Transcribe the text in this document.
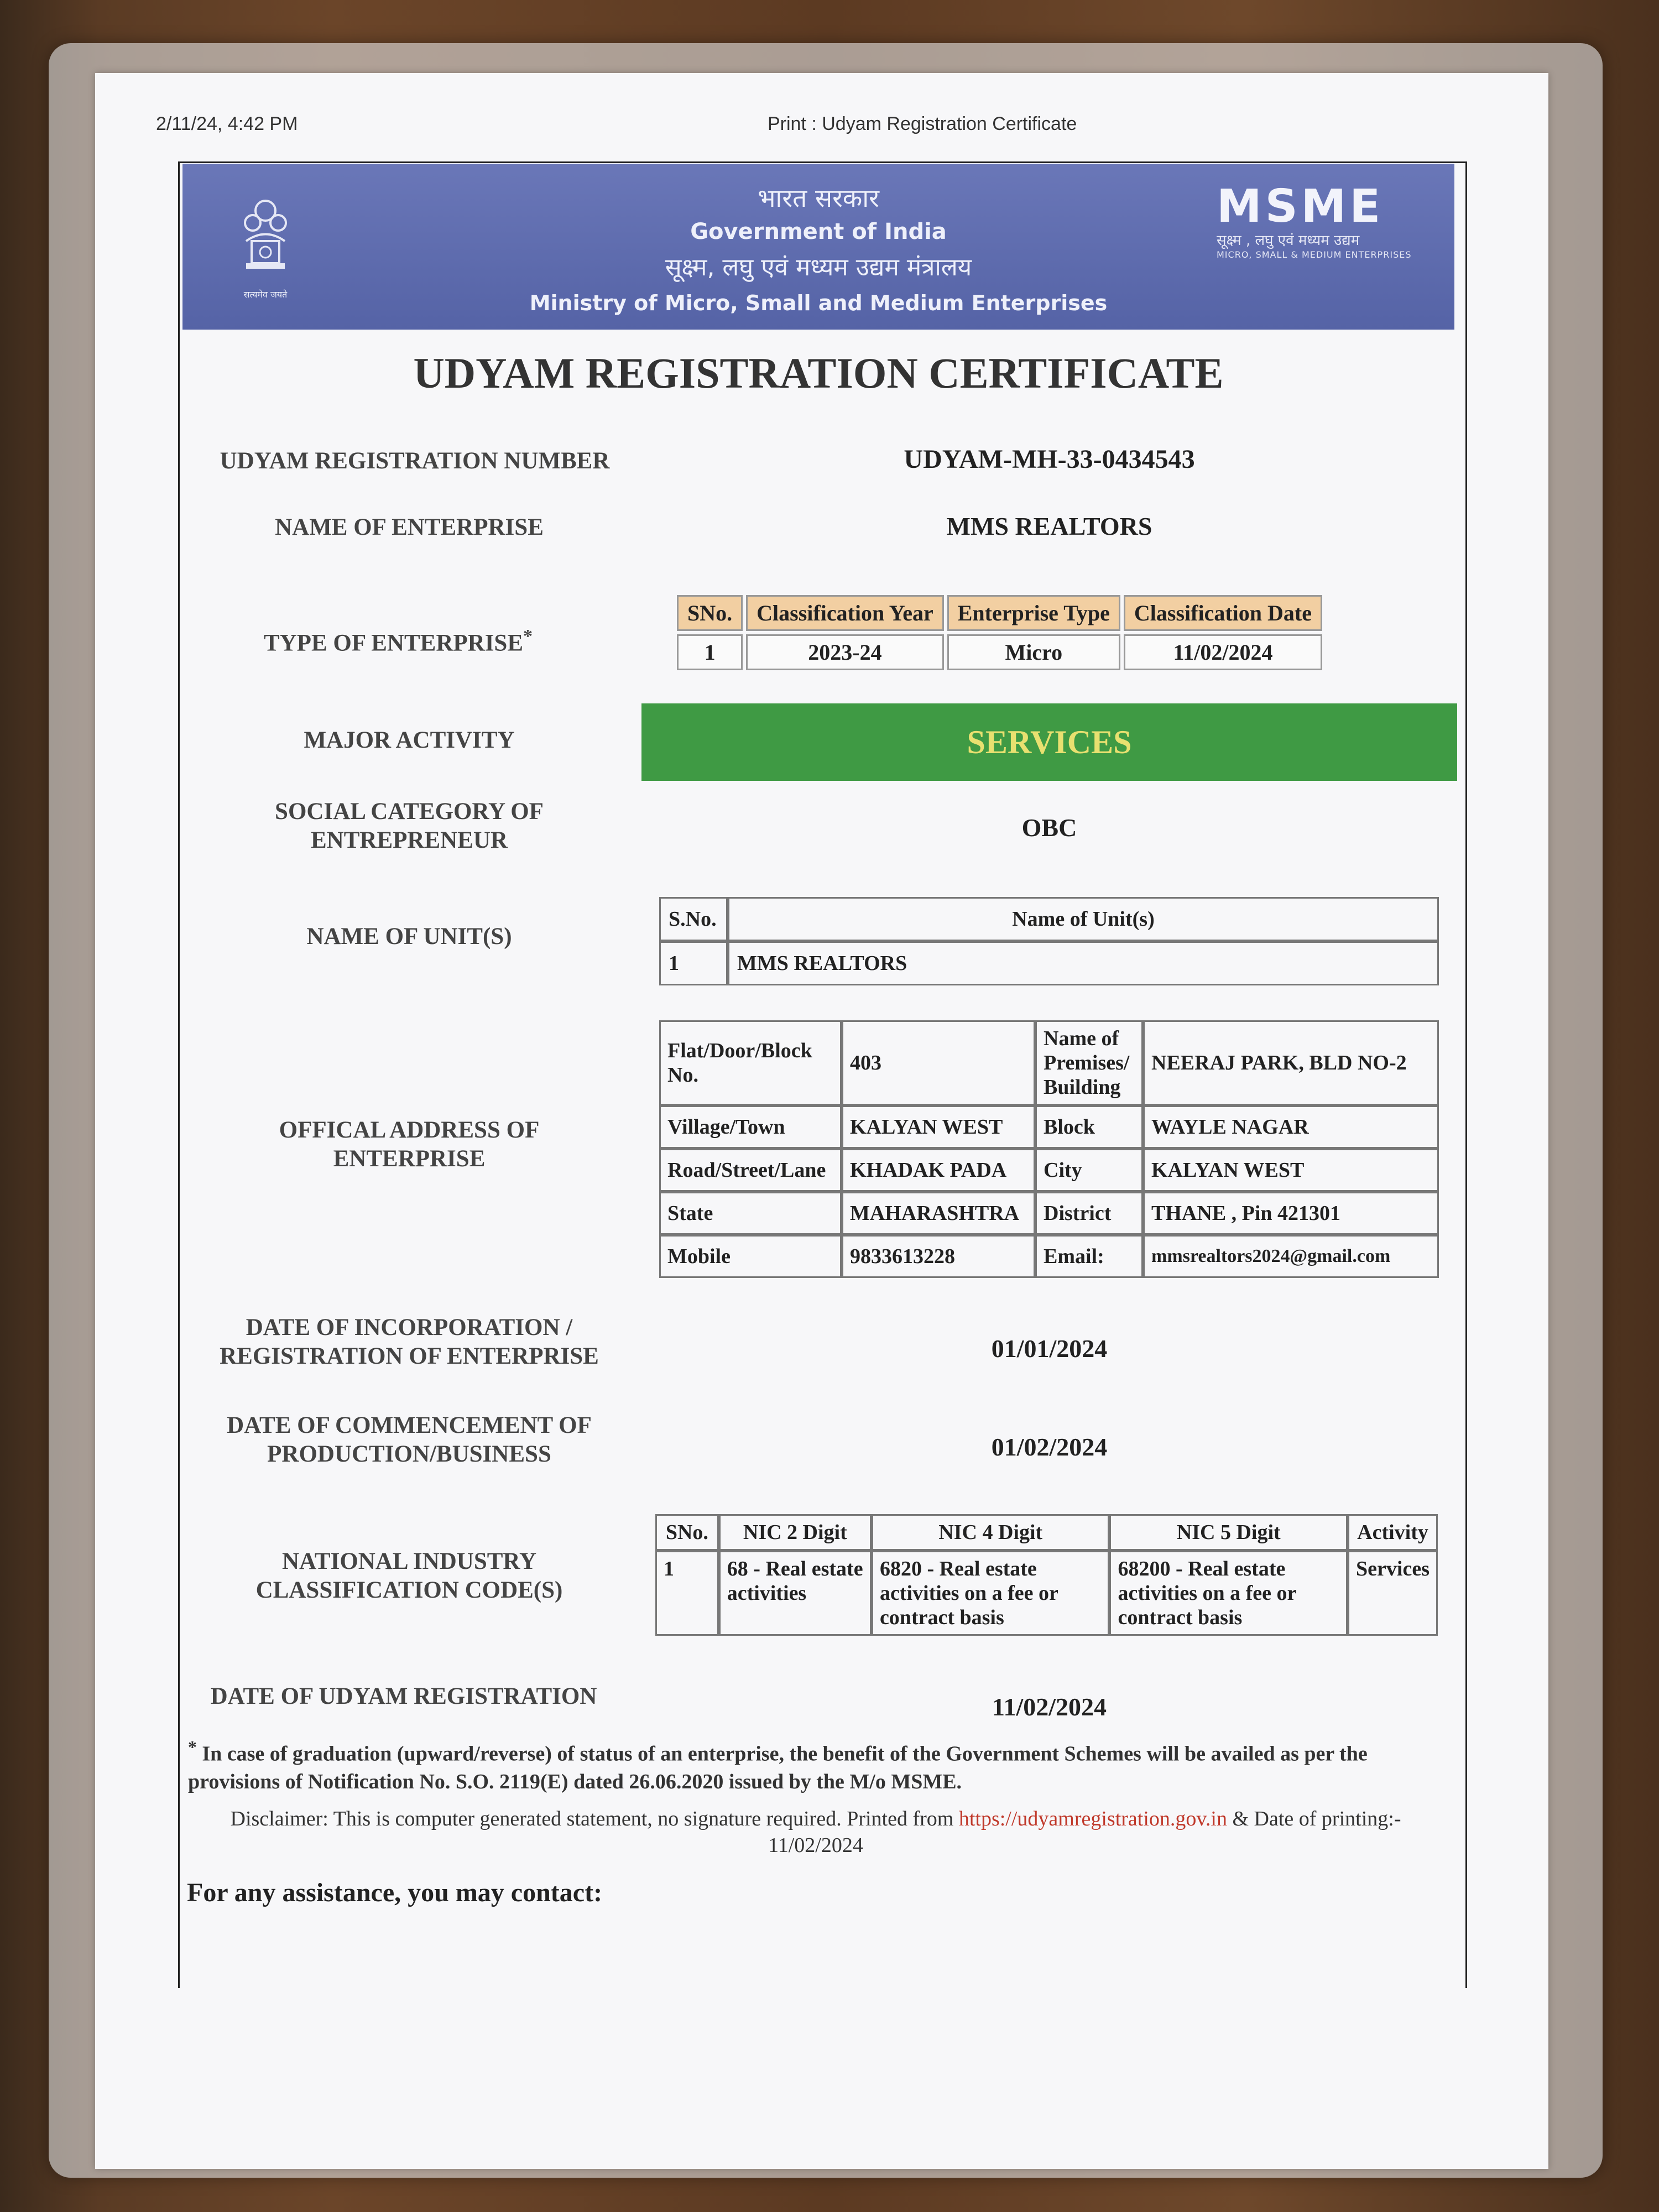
2/11/24, 4:42 PM	Print : Udyam Registration Certificate
सत्यमेव जयते
भारत सरकार
Government of India
सूक्ष्म, लघु एवं मध्यम उद्यम मंत्रालय
Ministry of Micro, Small and Medium Enterprises
MSME
सूक्ष्म , लघु एवं मध्यम उद्यम
MICRO, SMALL & MEDIUM ENTERPRISES
UDYAM REGISTRATION CERTIFICATE
UDYAM REGISTRATION NUMBER	UDYAM-MH-33-0434543
NAME OF ENTERPRISE	MMS REALTORS
TYPE OF ENTERPRISE*
SNo.	Classification Year	Enterprise Type	Classification Date
1	2023-24	Micro	11/02/2024
MAJOR ACTIVITY	SERVICES
SOCIAL CATEGORY OF
ENTREPRENEUR	OBC
NAME OF UNIT(S)
S.No.	Name of Unit(s)
1	MMS REALTORS
OFFICAL ADDRESS OF
ENTERPRISE
Flat/Door/Block No.	403	Name of Premises/ Building	NEERAJ PARK, BLD NO-2
Village/Town	KALYAN WEST	Block	WAYLE NAGAR
Road/Street/Lane	KHADAK PADA	City	KALYAN WEST
State	MAHARASHTRA	District	THANE , Pin 421301
Mobile	9833613228	Email:	mmsrealtors2024@gmail.com
DATE OF INCORPORATION /
REGISTRATION OF ENTERPRISE	01/01/2024
DATE OF COMMENCEMENT OF
PRODUCTION/BUSINESS	01/02/2024
NATIONAL INDUSTRY
CLASSIFICATION CODE(S)
SNo.	NIC 2 Digit	NIC 4 Digit	NIC 5 Digit	Activity
1	68 - Real estate activities	6820 - Real estate activities on a fee or contract basis	68200 - Real estate activities on a fee or contract basis	Services
DATE OF UDYAM REGISTRATION	11/02/2024
* In case of graduation (upward/reverse) of status of an enterprise, the benefit of the Government Schemes will be availed as per the provisions of Notification No. S.O. 2119(E) dated 26.06.2020 issued by the M/o MSME.
Disclaimer: This is computer generated statement, no signature required. Printed from https://udyamregistration.gov.in & Date of printing:-
11/02/2024
For any assistance, you may contact:
